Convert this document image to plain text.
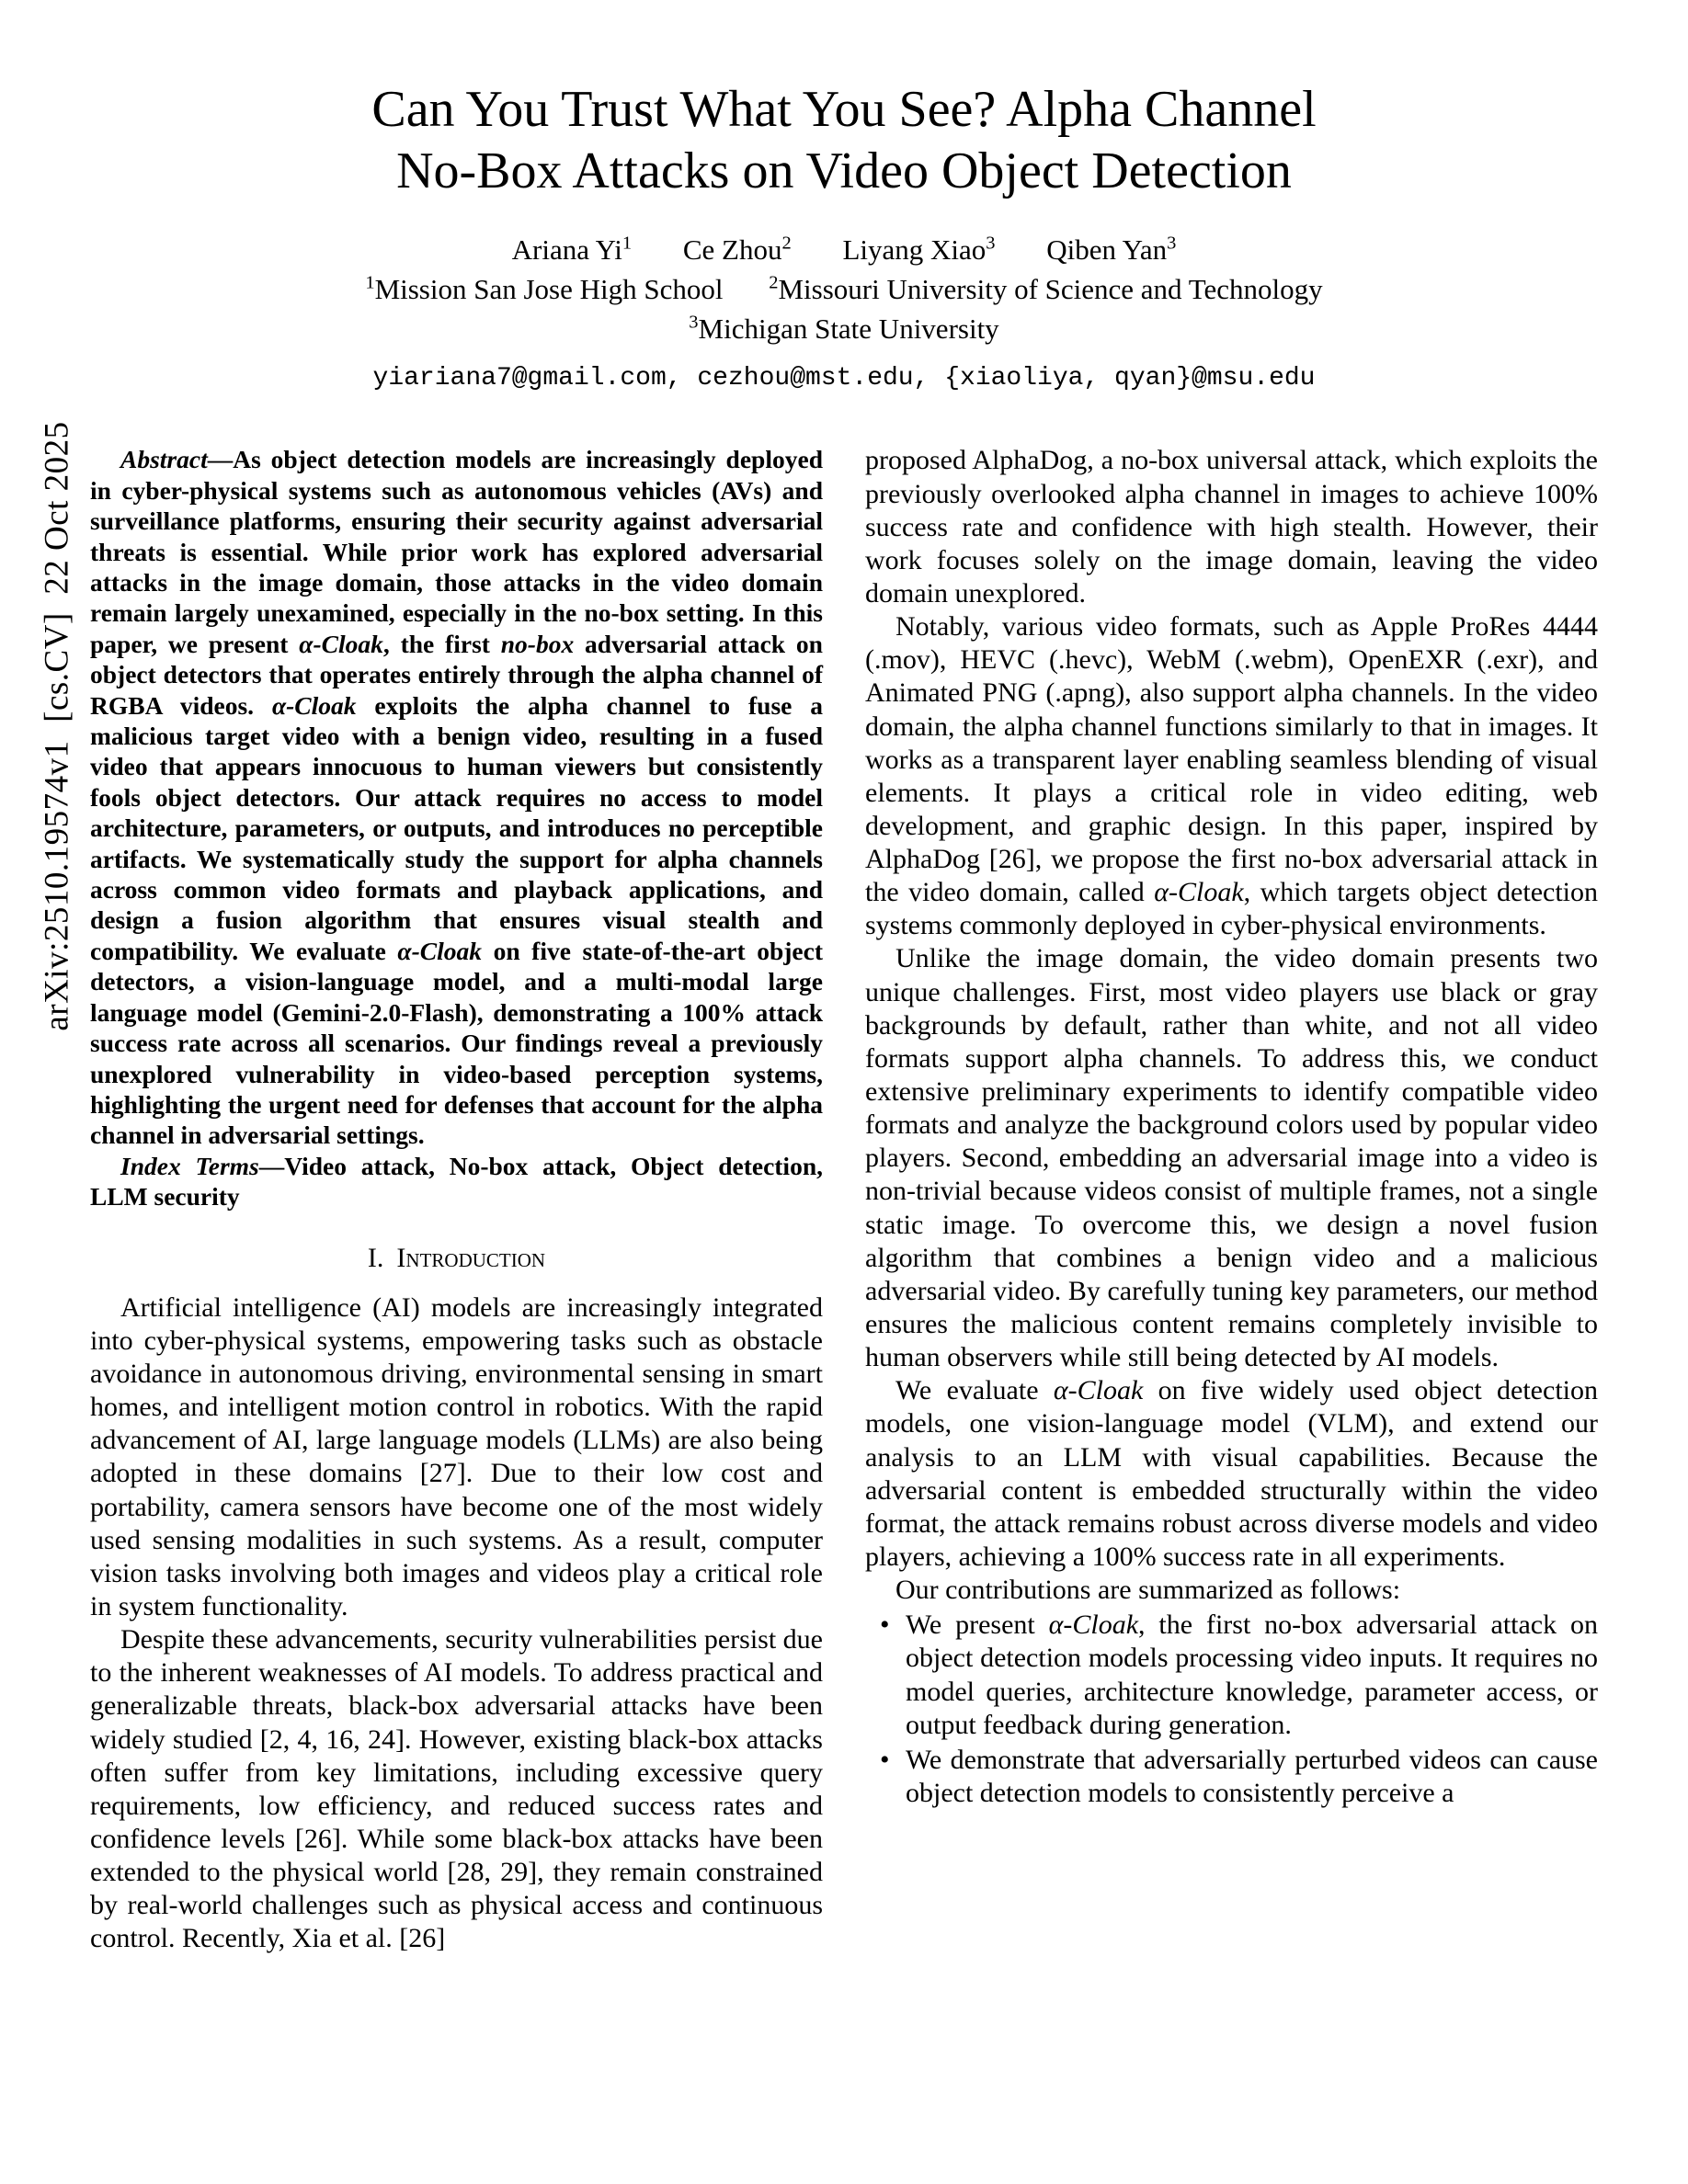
arXiv:2510.19574v1  [cs.CV]  22 Oct 2025
Can You Trust What You See? Alpha Channel
No-Box Attacks on Video Object Detection
Ariana Yi$^1$ Ce Zhou$^2$ Liyang Xiao$^3$ Qiben Yan$^3$
$^1$Mission San Jose High School $^2$Missouri University of Science and Technology
$^3$Michigan State University
yiariana7@gmail.com, cezhou@mst.edu, {xiaoliya, qyan}@msu.edu

Abstract—As object detection models are increasingly deployed in cyber-physical systems such as autonomous vehicles (AVs) and surveillance platforms, ensuring their security against adversarial threats is essential. While prior work has explored adversarial attacks in the image domain, those attacks in the video domain remain largely unexamined, especially in the no-box setting. In this paper, we present α-Cloak, the first no-box adversarial attack on object detectors that operates entirely through the alpha channel of RGBA videos. α-Cloak exploits the alpha channel to fuse a malicious target video with a benign video, resulting in a fused video that appears innocuous to human viewers but consistently fools object detectors. Our attack requires no access to model architecture, parameters, or outputs, and introduces no perceptible artifacts. We systematically study the support for alpha channels across common video formats and playback applications, and design a fusion algorithm that ensures visual stealth and compatibility. We evaluate α-Cloak on five state-of-the-art object detectors, a vision-language model, and a multi-modal large language model (Gemini-2.0-Flash), demonstrating a 100% attack success rate across all scenarios. Our findings reveal a previously unexplored vulnerability in video-based perception systems, highlighting the urgent need for defenses that account for the alpha channel in adversarial settings.

Index Terms—Video attack, No-box attack, Object detection, LLM security

I. Introduction

Artificial intelligence (AI) models are increasingly integrated into cyber-physical systems, empowering tasks such as obstacle avoidance in autonomous driving, environmental sensing in smart homes, and intelligent motion control in robotics. With the rapid advancement of AI, large language models (LLMs) are also being adopted in these domains [27]. Due to their low cost and portability, camera sensors have become one of the most widely used sensing modalities in such systems. As a result, computer vision tasks involving both images and videos play a critical role in system functionality.

Despite these advancements, security vulnerabilities persist due to the inherent weaknesses of AI models. To address practical and generalizable threats, black-box adversarial attacks have been widely studied [2, 4, 16, 24]. However, existing black-box attacks often suffer from key limitations, including excessive query requirements, low efficiency, and reduced success rates and confidence levels [26]. While some black-box attacks have been extended to the physical world [28, 29], they remain constrained by real-world challenges such as physical access and continuous control. Recently, Xia et al. [26]

proposed AlphaDog, a no-box universal attack, which exploits the previously overlooked alpha channel in images to achieve 100% success rate and confidence with high stealth. However, their work focuses solely on the image domain, leaving the video domain unexplored.

Notably, various video formats, such as Apple ProRes 4444 (.mov), HEVC (.hevc), WebM (.webm), OpenEXR (.exr), and Animated PNG (.apng), also support alpha channels. In the video domain, the alpha channel functions similarly to that in images. It works as a transparent layer enabling seamless blending of visual elements. It plays a critical role in video editing, web development, and graphic design. In this paper, inspired by AlphaDog [26], we propose the first no-box adversarial attack in the video domain, called α-Cloak, which targets object detection systems commonly deployed in cyber-physical environments.

Unlike the image domain, the video domain presents two unique challenges. First, most video players use black or gray backgrounds by default, rather than white, and not all video formats support alpha channels. To address this, we conduct extensive preliminary experiments to identify compatible video formats and analyze the background colors used by popular video players. Second, embedding an adversarial image into a video is non-trivial because videos consist of multiple frames, not a single static image. To overcome this, we design a novel fusion algorithm that combines a benign video and a malicious adversarial video. By carefully tuning key parameters, our method ensures the malicious content remains completely invisible to human observers while still being detected by AI models.

We evaluate α-Cloak on five widely used object detection models, one vision-language model (VLM), and extend our analysis to an LLM with visual capabilities. Because the adversarial content is embedded structurally within the video format, the attack remains robust across diverse models and video players, achieving a 100% success rate in all experiments.

Our contributions are summarized as follows:

• We present α-Cloak, the first no-box adversarial attack on object detection models processing video inputs. It requires no model queries, architecture knowledge, parameter access, or output feedback during generation.
• We demonstrate that adversarially perturbed videos can cause object detection models to consistently perceive a
